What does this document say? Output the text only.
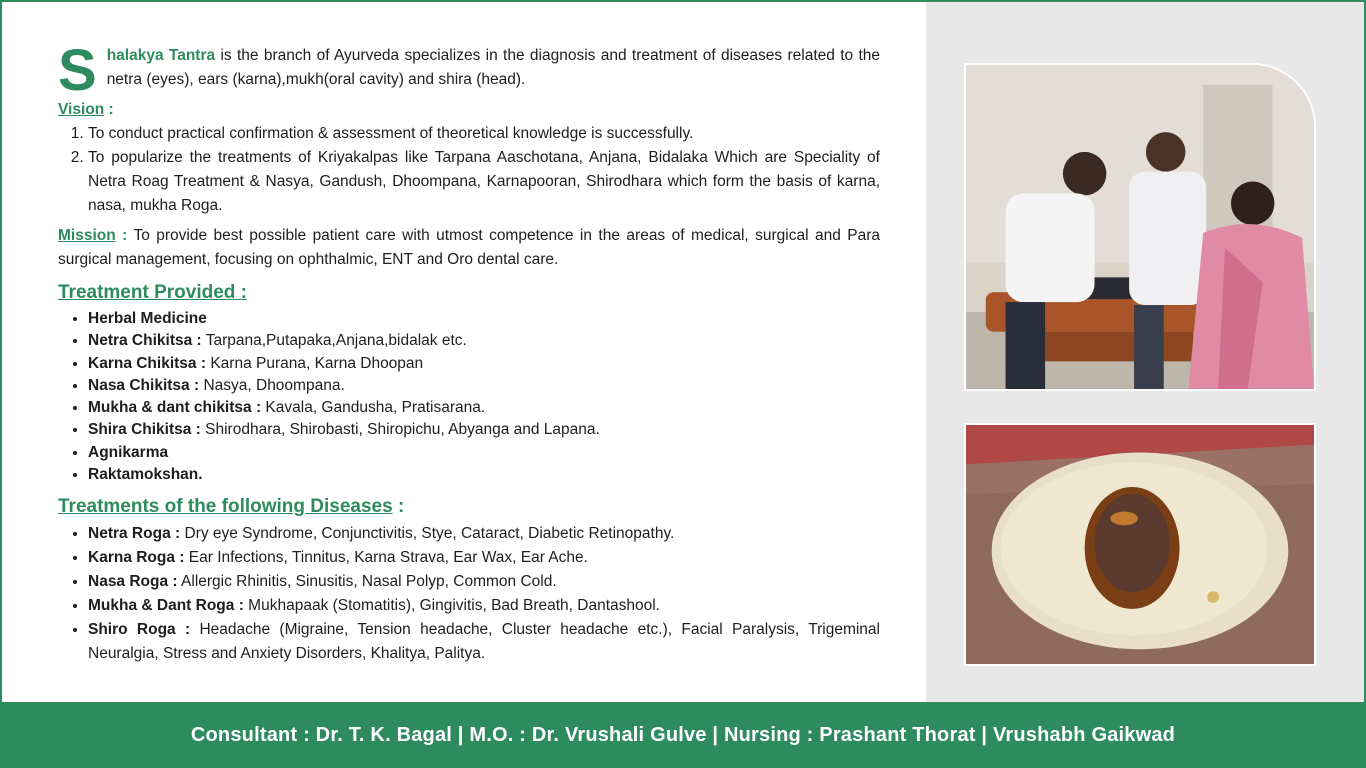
Shalakya Tantra is the branch of Ayurveda specializes in the diagnosis and treatment of diseases related to the netra (eyes), ears (karna),mukh(oral cavity) and shira (head).

Vision :
1. To conduct practical confirmation & assessment of theoretical knowledge is successfully.
2. To popularize the treatments of Kriyakalpas like Tarpana Aaschotana, Anjana, Bidalaka Which are Speciality of Netra Roag Treatment & Nasya, Gandush, Dhoompana, Karnapooran, Shirodhara which form the basis of karna, nasa, mukha Roga.

Mission : To provide best possible patient care with utmost competence in the areas of medical, surgical and Para surgical management, focusing on ophthalmic, ENT and Oro dental care.

Treatment Provided :
• Herbal Medicine
• Netra Chikitsa : Tarpana,Putapaka,Anjana,bidalak etc.
• Karna Chikitsa : Karna Purana, Karna Dhoopan
• Nasa Chikitsa : Nasya, Dhoompana.
• Mukha & dant chikitsa : Kavala, Gandusha, Pratisarana.
• Shira Chikitsa : Shirodhara, Shirobasti, Shiropichu, Abyanga and Lapana.
• Agnikarma
• Raktamokshan.
Treatments of the following Diseases :
• Netra Roga : Dry eye Syndrome, Conjunctivitis, Stye, Cataract, Diabetic Retinopathy.
• Karna Roga : Ear Infections, Tinnitus, Karna Strava, Ear Wax, Ear Ache.
• Nasa Roga : Allergic Rhinitis, Sinusitis, Nasal Polyp, Common Cold.
• Mukha & Dant Roga : Mukhapaak (Stomatitis), Gingivitis, Bad Breath, Dantashool.
• Shiro Roga : Headache (Migraine, Tension headache, Cluster headache etc.), Facial Paralysis, Trigeminal Neuralgia, Stress and Anxiety Disorders, Khalitya, Palitya.
Consultant : Dr. T. K. Bagal | M.O. : Dr. Vrushali Gulve | Nursing : Prashant Thorat | Vrushabh Gaikwad
